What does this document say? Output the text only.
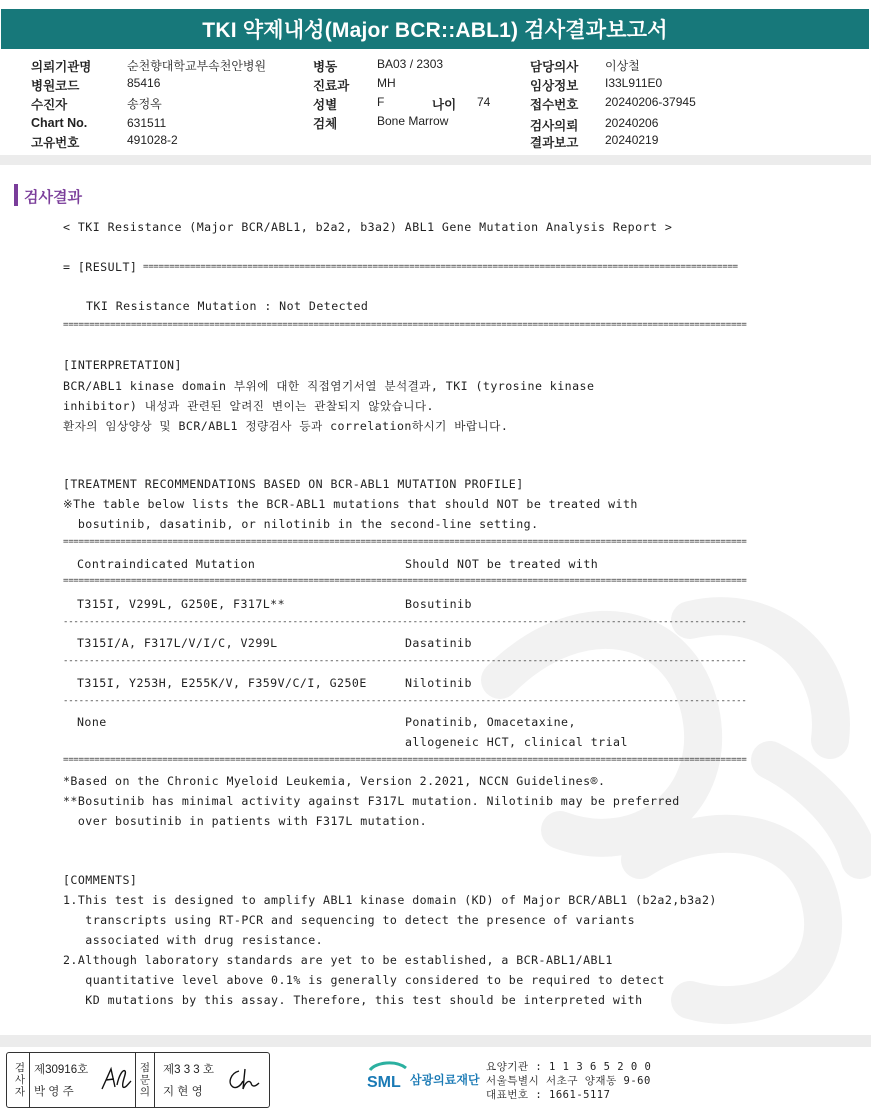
TKI 약제내성(Major BCR::ABL1) 검사결과보고서
의뢰기관명	순천향대학교부속천안병원
병원코드	85416
수진자	송정옥
Chart No.	631511
고유번호	491028-2
병동	BA03 / 2303
진료과 MH
성별	F	나이 74
검체	Bone Marrow
담당의사 이상철
임상정보 I33L911E0
접수번호 20240206-37945
검사의뢰 20240206
결과보고 20240219
검사결과
< TKI Resistance (Major BCR/ABL1, b2a2, b3a2) ABL1 Gene Mutation Analysis Report >
= [RESULT]
==================================================================================================================
TKI Resistance Mutation : Not Detected
===================================================================================================================================
[INTERPRETATION]
BCR/ABL1 kinase domain 부위에 대한 직접염기서열 분석결과, TKI (tyrosine kinase
inhibitor) 내성과 관련된 알려진 변이는 관찰되지 않았습니다.
환자의 임상양상 및 BCR/ABL1 정량검사 등과 correlation하시기 바랍니다.
[TREATMENT RECOMMENDATIONS BASED ON BCR-ABL1 MUTATION PROFILE]
※The table below lists the BCR-ABL1 mutations that should NOT be treated with
bosutinib, dasatinib, or nilotinib in the second-line setting.
===================================================================================================================================
Contraindicated Mutation	Should NOT be treated with
===================================================================================================================================
T315I, V299L, G250E, F317L**	Bosutinib
-----------------------------------------------------------------------------------------------------------------------------------
T315I/A, F317L/V/I/C, V299L	Dasatinib
-----------------------------------------------------------------------------------------------------------------------------------
T315I, Y253H, E255K/V, F359V/C/I, G250E	Nilotinib
-----------------------------------------------------------------------------------------------------------------------------------
None	Ponatinib, Omacetaxine,
allogeneic HCT, clinical trial
===================================================================================================================================
*Based on the Chronic Myeloid Leukemia, Version 2.2021, NCCN Guidelines®.
**Bosutinib has minimal activity against F317L mutation. Nilotinib may be preferred
over bosutinib in patients with F317L mutation.
[COMMENTS]
1.This test is designed to amplify ABL1 kinase domain (KD) of Major BCR/ABL1 (b2a2,b3a2)
transcripts using RT-PCR and sequencing to detect the presence of variants
associated with drug resistance.
2.Although laboratory standards are yet to be established, a BCR-ABL1/ABL1
quantitative level above 0.1% is generally considered to be required to detect
KD mutations by this assay. Therefore, this test should be interpreted with
검
사
자
제30916호
박 영 주
점
문
의
제3 3 3 호
지 현 영
SML 삼광의료재단
요양기관 : 1 1 3 6 5 2 0 0
서울특별시 서초구 양재동 9-60
대표번호 : 1661-5117
